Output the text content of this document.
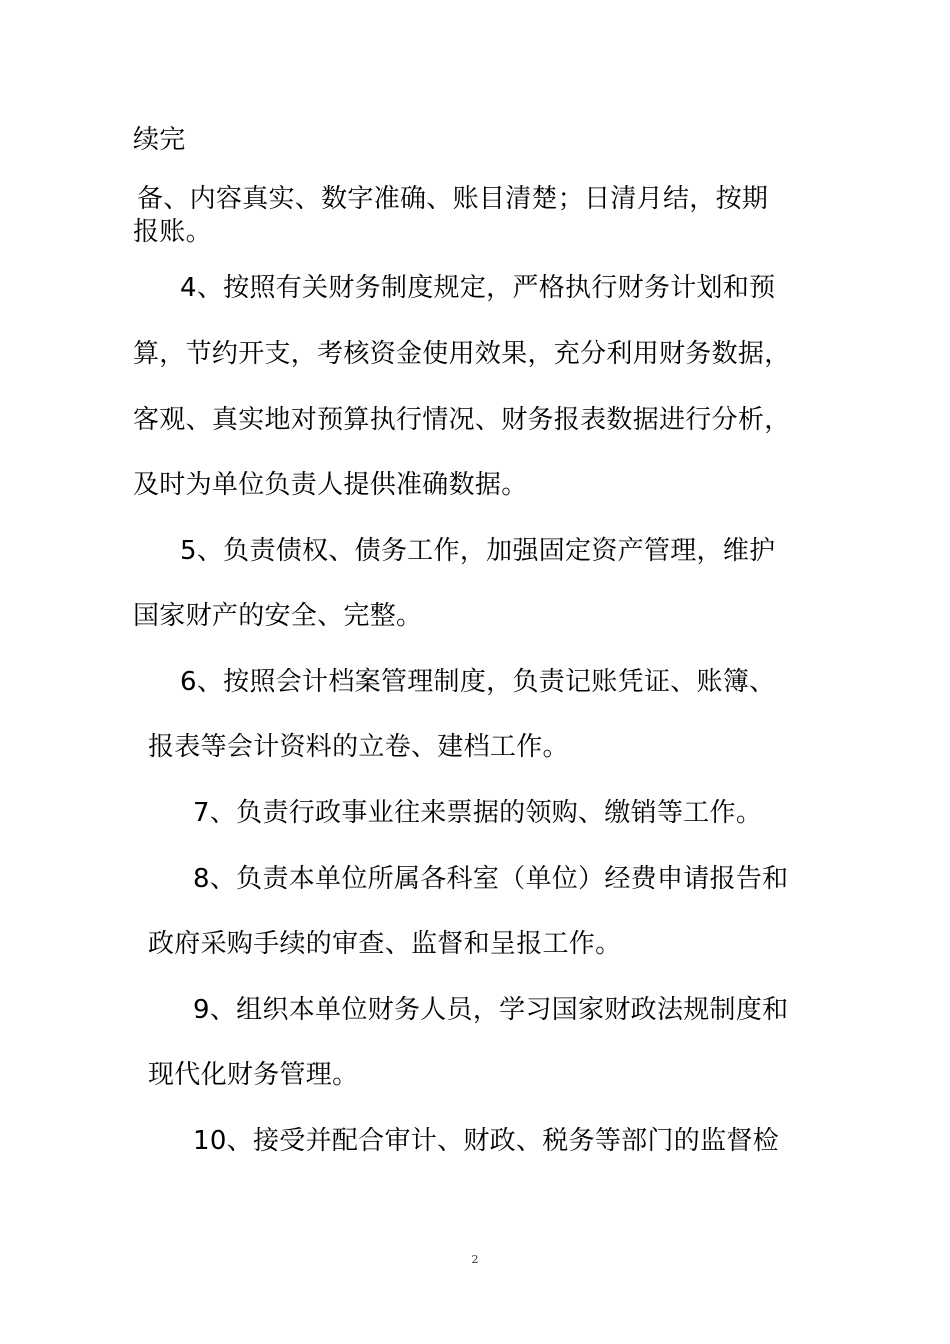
续完
备、内容真实、数字准确、账目清楚；日清月结，按期
报账。
4、按照有关财务制度规定，严格执行财务计划和预
算，节约开支，考核资金使用效果，充分利用财务数据，
客观、真实地对预算执行情况、财务报表数据进行分析，
及时为单位负责人提供准确数据。
5、负责债权、债务工作，加强固定资产管理，维护
国家财产的安全、完整。
6、按照会计档案管理制度，负责记账凭证、账簿、
报表等会计资料的立卷、建档工作。
7、负责行政事业往来票据的领购、缴销等工作。
8、负责本单位所属各科室（单位）经费申请报告和
政府采购手续的审查、监督和呈报工作。
9、组织本单位财务人员，学习国家财政法规制度和
现代化财务管理。
10、接受并配合审计、财政、税务等部门的监督检
2
